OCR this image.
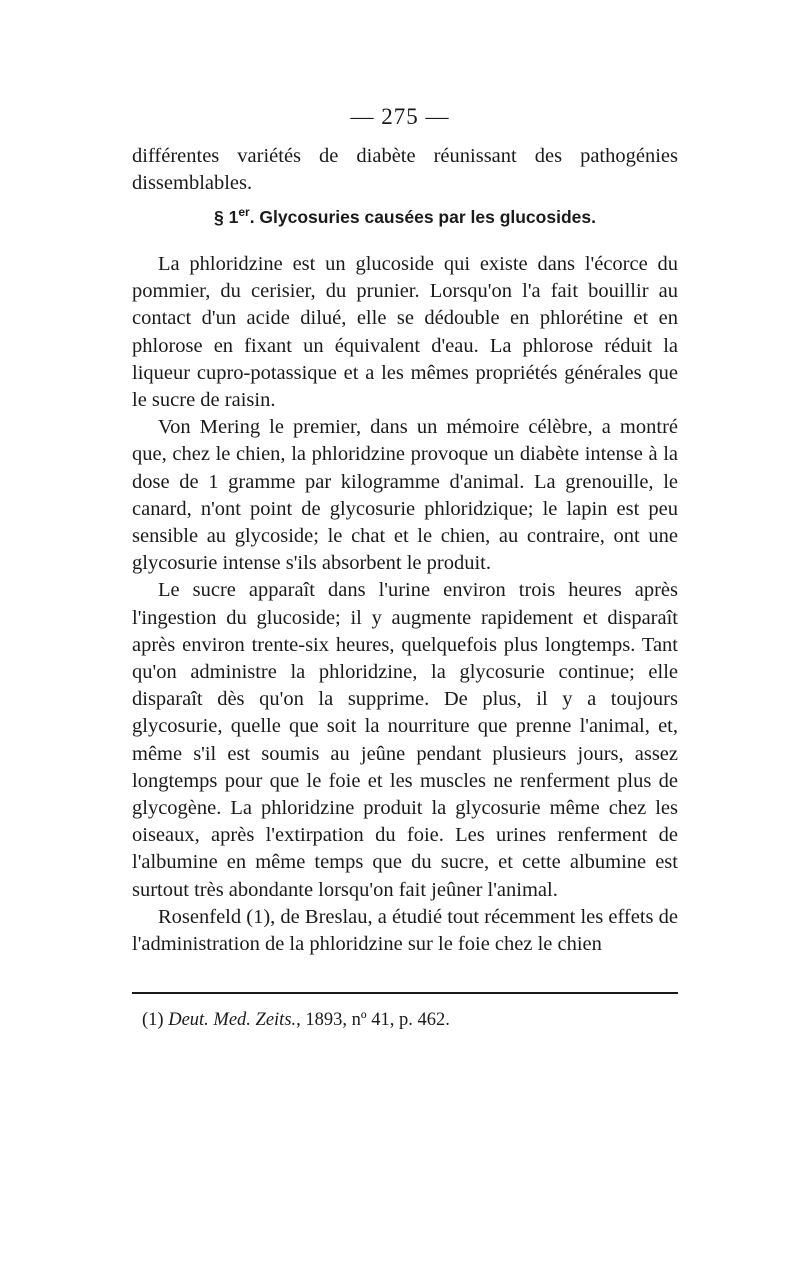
— 275 —

différentes variétés de diabète réunissant des pathogénies dissemblables.

§ 1er. Glycosuries causées par les glucosides.

La phloridzine est un glucoside qui existe dans l'écorce du pommier, du cerisier, du prunier. Lorsqu'on l'a fait bouillir au contact d'un acide dilué, elle se dédouble en phlorétine et en phlorose en fixant un équivalent d'eau. La phlorose réduit la liqueur cupro-potassique et a les mêmes propriétés générales que le sucre de raisin.

Von Mering le premier, dans un mémoire célèbre, a montré que, chez le chien, la phloridzine provoque un diabète intense à la dose de 1 gramme par kilogramme d'animal. La grenouille, le canard, n'ont point de glycosurie phloridzique; le lapin est peu sensible au glycoside; le chat et le chien, au contraire, ont une glycosurie intense s'ils absorbent le produit.

Le sucre apparaît dans l'urine environ trois heures après l'ingestion du glucoside; il y augmente rapidement et disparaît après environ trente-six heures, quelquefois plus longtemps. Tant qu'on administre la phloridzine, la glycosurie continue; elle disparaît dès qu'on la supprime. De plus, il y a toujours glycosurie, quelle que soit la nourriture que prenne l'animal, et, même s'il est soumis au jeûne pendant plusieurs jours, assez longtemps pour que le foie et les muscles ne renferment plus de glycogène. La phloridzine produit la glycosurie même chez les oiseaux, après l'extirpation du foie. Les urines renferment de l'albumine en même temps que du sucre, et cette albumine est surtout très abondante lorsqu'on fait jeûner l'animal.

Rosenfeld (1), de Breslau, a étudié tout récemment les effets de l'administration de la phloridzine sur le foie chez le chien

(1) Deut. Med. Zeits., 1893, nº 41, p. 462.
